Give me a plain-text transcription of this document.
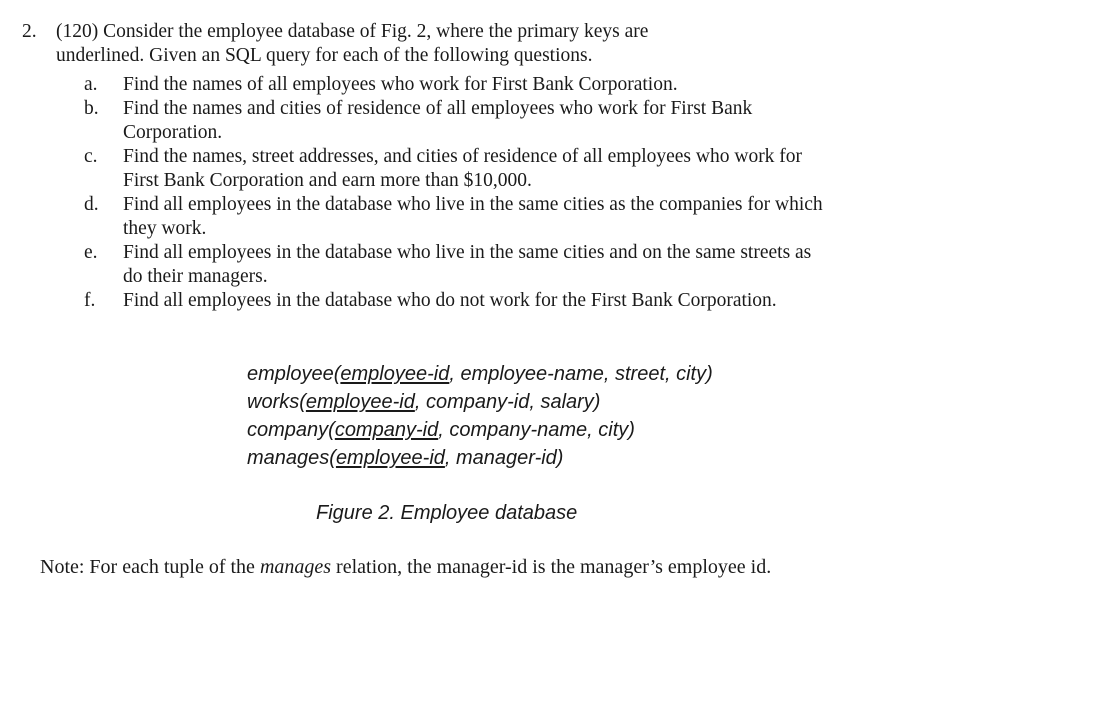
2. (120) Consider the employee database of Fig. 2, where the primary keys are
underlined. Given an SQL query for each of the following questions.
a.	Find the names of all employees who work for First Bank Corporation.
b.	Find the names and cities of residence of all employees who work for First Bank Corporation.
c.	Find the names, street addresses, and cities of residence of all employees who work for First Bank Corporation and earn more than $10,000.
d.	Find all employees in the database who live in the same cities as the companies for which they work.
e.	Find all employees in the database who live in the same cities and on the same streets as do their managers.
f.	Find all employees in the database who do not work for the First Bank Corporation.
employee(employee-id, employee-name, street, city)
works(employee-id, company-id, salary)
company(company-id, company-name, city)
manages(employee-id, manager-id)
Figure 2. Employee database
Note: For each tuple of the manages relation, the manager-id is the manager’s employee id.
